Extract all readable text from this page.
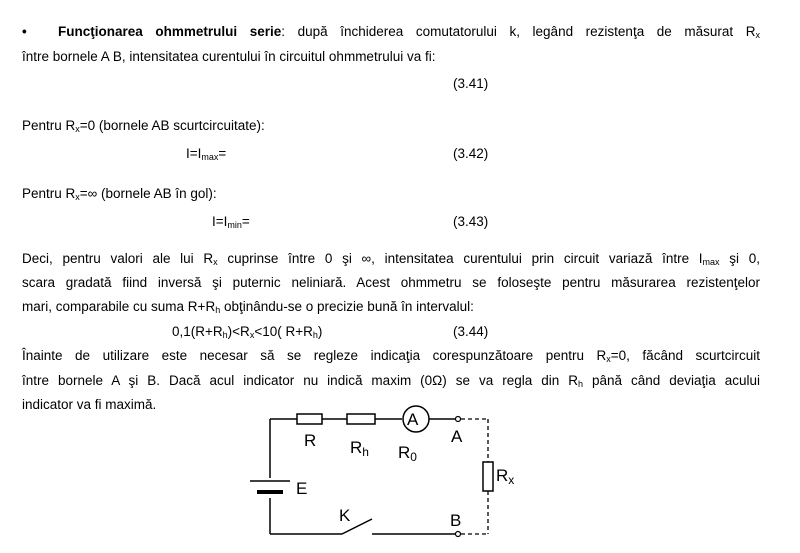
• Funcţionarea ohmmetrului serie: după închiderea comutatorului k, legând rezistenţa de măsurat $R_x$
între bornele A B, intensitatea curentului în circuitul ohmmetrului va fi:
(3.41)
Pentru $R_x=0$ (bornele AB scurtcircuitate):
$I=I_{max}=$	(3.42)
Pentru $R_x=\infty$ (bornele AB în gol):
$I=I_{min}=$	(3.43)
Deci, pentru valori ale lui $R_x$ cuprinse între 0 şi ∞, intensitatea curentului prin circuit variază între $I_{max}$ şi 0,
scara gradată fiind inversă şi puternic neliniară. Acest ohmmetru se foloseşte pentru măsurarea rezistenţelor
mari, comparabile cu suma $R+R_h$ obţinându-se o precizie bună în intervalul:
$0,1(R+R_h)<R_x<10$( $R+R_h$)	(3.44)
Înainte de utilizare este necesar să se regleze indicaţia corespunzătoare pentru $R_x=0$, făcând scurtcircuit
între bornele A şi B. Dacă acul indicator nu indică maxim (0Ω) se va regla din $R_h$ până când deviaţia acului
indicator va fi maximă.
R Rh
A
R0
A
E
K	B
Rx
